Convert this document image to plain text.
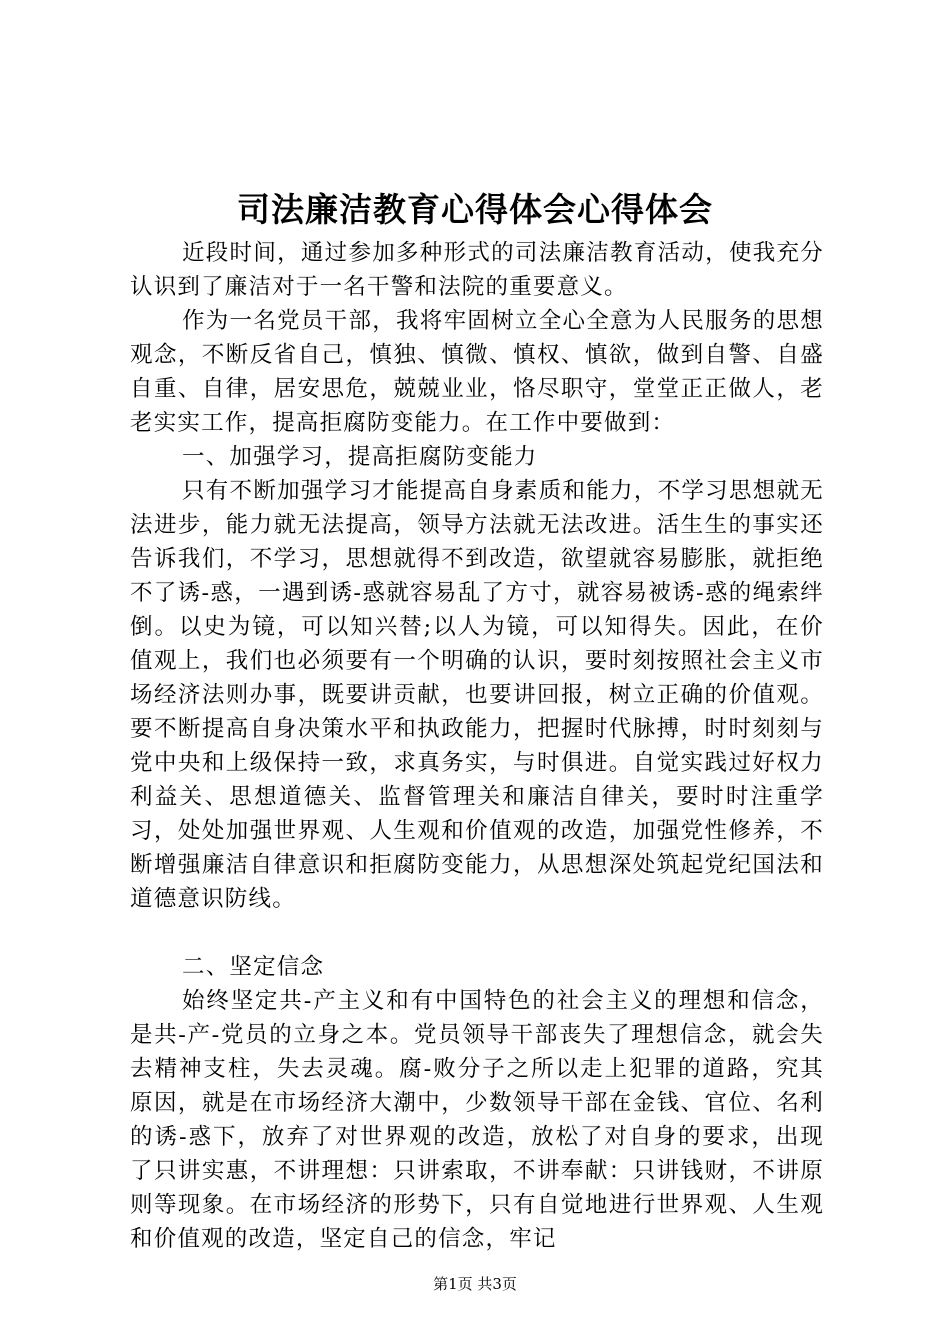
司法廉洁教育心得体会心得体会

近段时间，通过参加多种形式的司法廉洁教育活动，使我充分认识到了廉洁对于一名干警和法院的重要意义。

作为一名党员干部，我将牢固树立全心全意为人民服务的思想观念，不断反省自己，慎独、慎微、慎权、慎欲，做到自警、自盛自重、自律，居安思危，兢兢业业，恪尽职守，堂堂正正做人，老老实实工作，提高拒腐防变能力。在工作中要做到：

一、加强学习，提高拒腐防变能力

只有不断加强学习才能提高自身素质和能力，不学习思想就无法进步，能力就无法提高，领导方法就无法改进。活生生的事实还告诉我们，不学习，思想就得不到改造，欲望就容易膨胀，就拒绝不了诱-惑，一遇到诱-惑就容易乱了方寸，就容易被诱-惑的绳索绊倒。以史为镜，可以知兴替;以人为镜，可以知得失。因此，在价值观上，我们也必须要有一个明确的认识，要时刻按照社会主义市场经济法则办事，既要讲贡献，也要讲回报，树立正确的价值观。要不断提高自身决策水平和执政能力，把握时代脉搏，时时刻刻与党中央和上级保持一致，求真务实，与时俱进。自觉实践过好权力利益关、思想道德关、监督管理关和廉洁自律关，要时时注重学习，处处加强世界观、人生观和价值观的改造，加强党性修养，不断增强廉洁自律意识和拒腐防变能力，从思想深处筑起党纪国法和道德意识防线。

二、坚定信念

始终坚定共-产主义和有中国特色的社会主义的理想和信念，是共-产-党员的立身之本。党员领导干部丧失了理想信念，就会失去精神支柱，失去灵魂。腐-败分子之所以走上犯罪的道路，究其原因，就是在市场经济大潮中，少数领导干部在金钱、官位、名利的诱-惑下，放弃了对世界观的改造，放松了对自身的要求，出现了只讲实惠，不讲理想：只讲索取，不讲奉献：只讲钱财，不讲原则等现象。在市场经济的形势下，只有自觉地进行世界观、人生观和价值观的改造，坚定自己的信念，牢记

第1页 共3页
